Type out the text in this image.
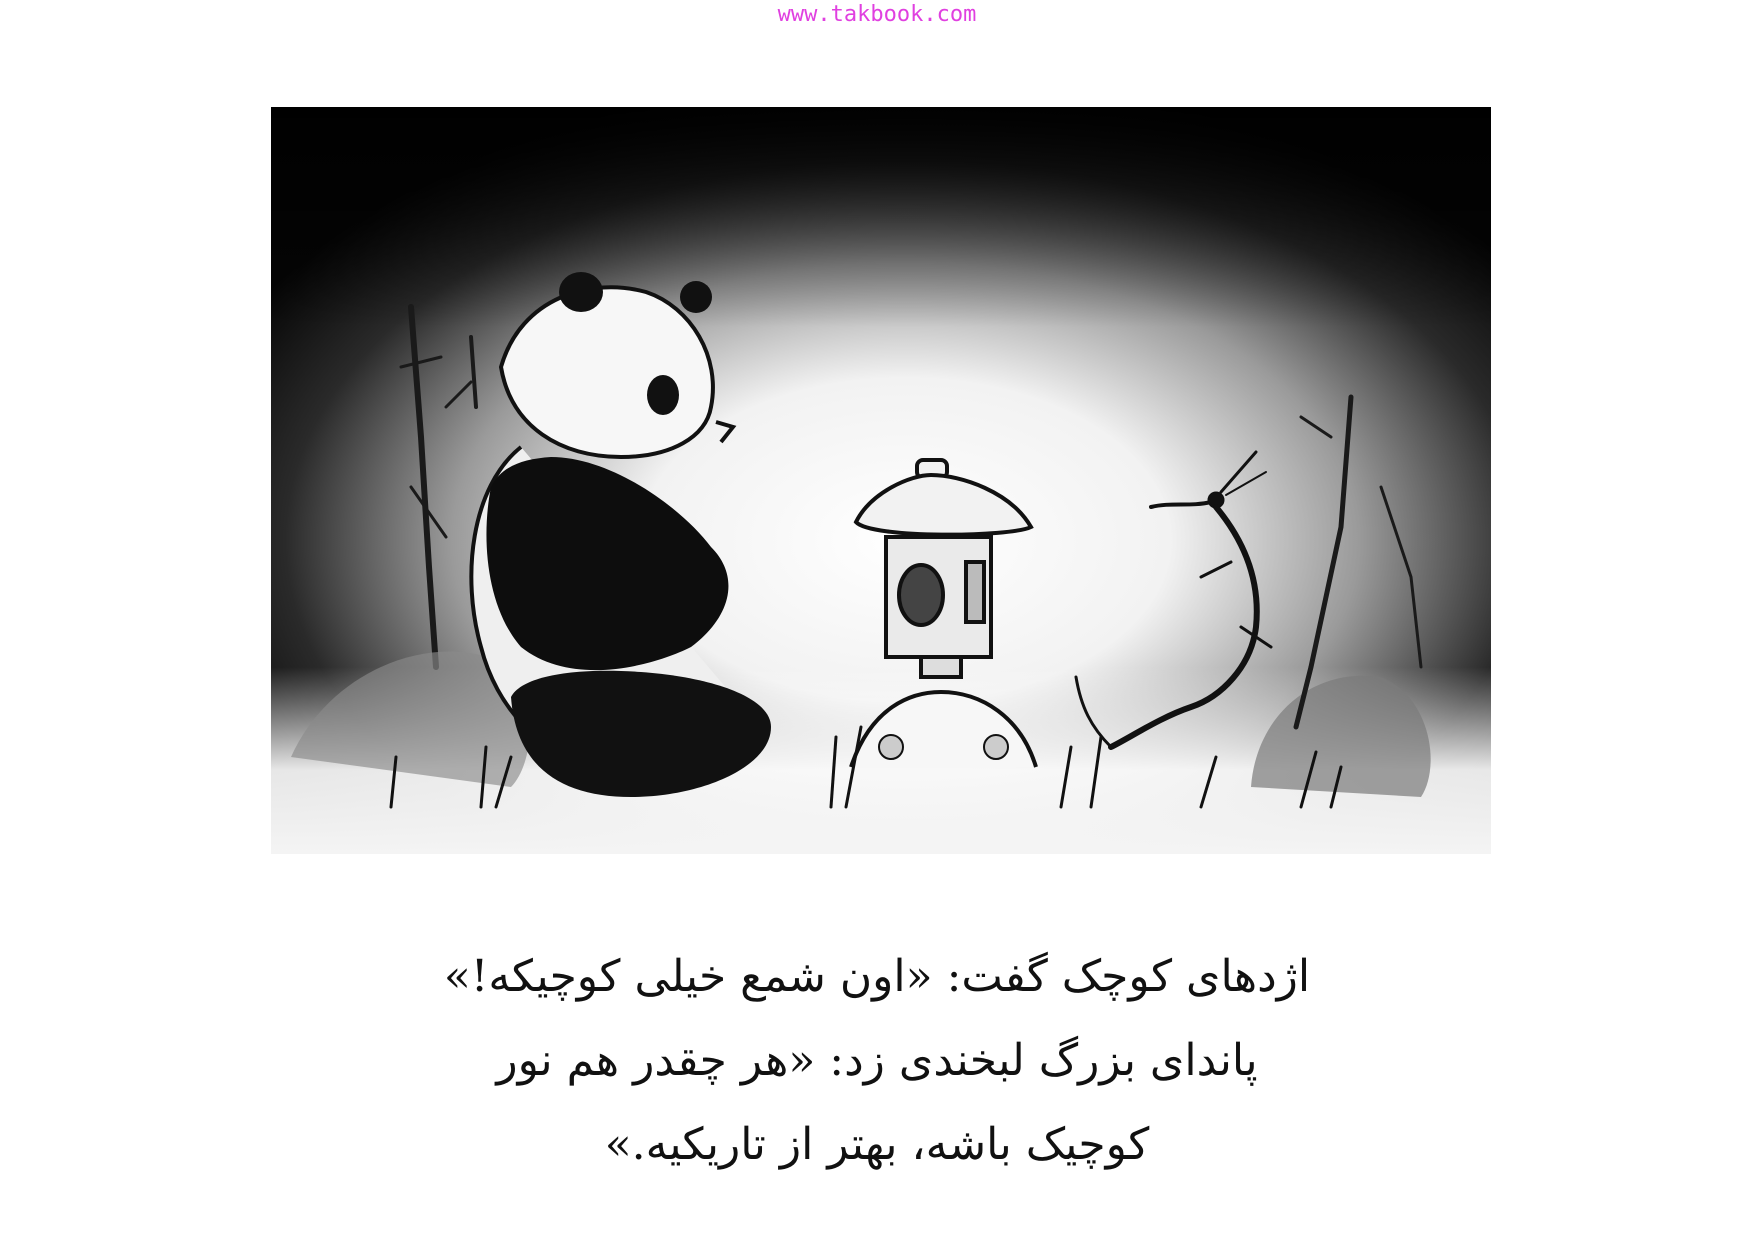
www.takbook.com
اژدهای کوچک گفت: «اون شمع خیلی کوچیکه!»
پاندای بزرگ لبخندی زد: «هر چقدر هم نور
کوچیک باشه، بهتر از تاریکیه.»
